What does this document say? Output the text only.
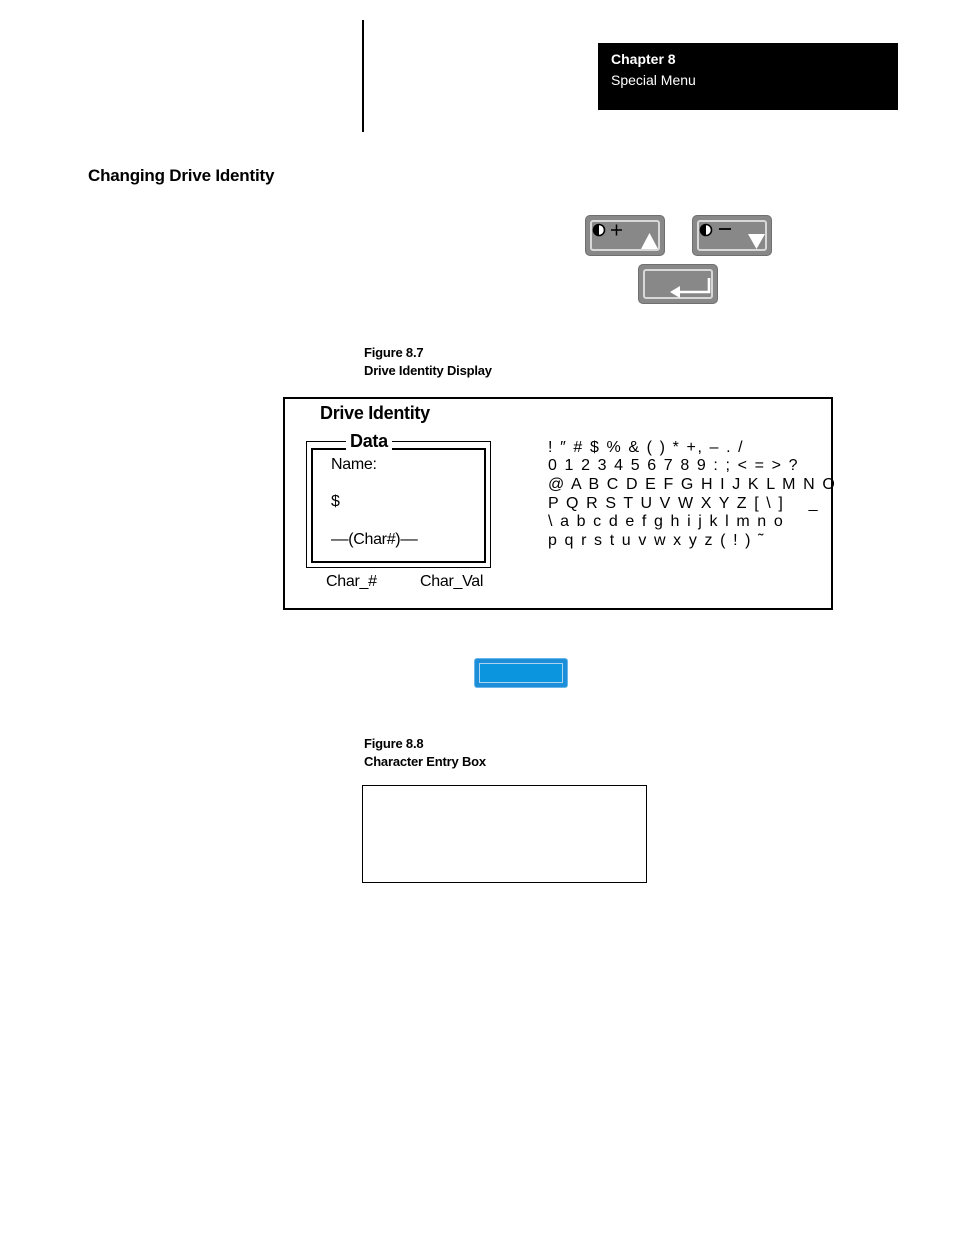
Chapter 8
Special Menu
Changing Drive Identity
Figure 8.7
Drive Identity Display
Drive Identity
Data
Name:
$
––(Char#)––
Char_#	Char_Val
! ″ # $ % & ( ) * +, – . /
0 1 2 3 4 5 6 7 8 9 : ; < = > ?
@ A B C D E F G H I J K L M N O
P Q R S T U V W X Y Z [ \ ]    _
\ a b c d e f g h i j k l m n o
p q r s t u v w x y z ( ! ) ˜
Figure 8.8
Character Entry Box
